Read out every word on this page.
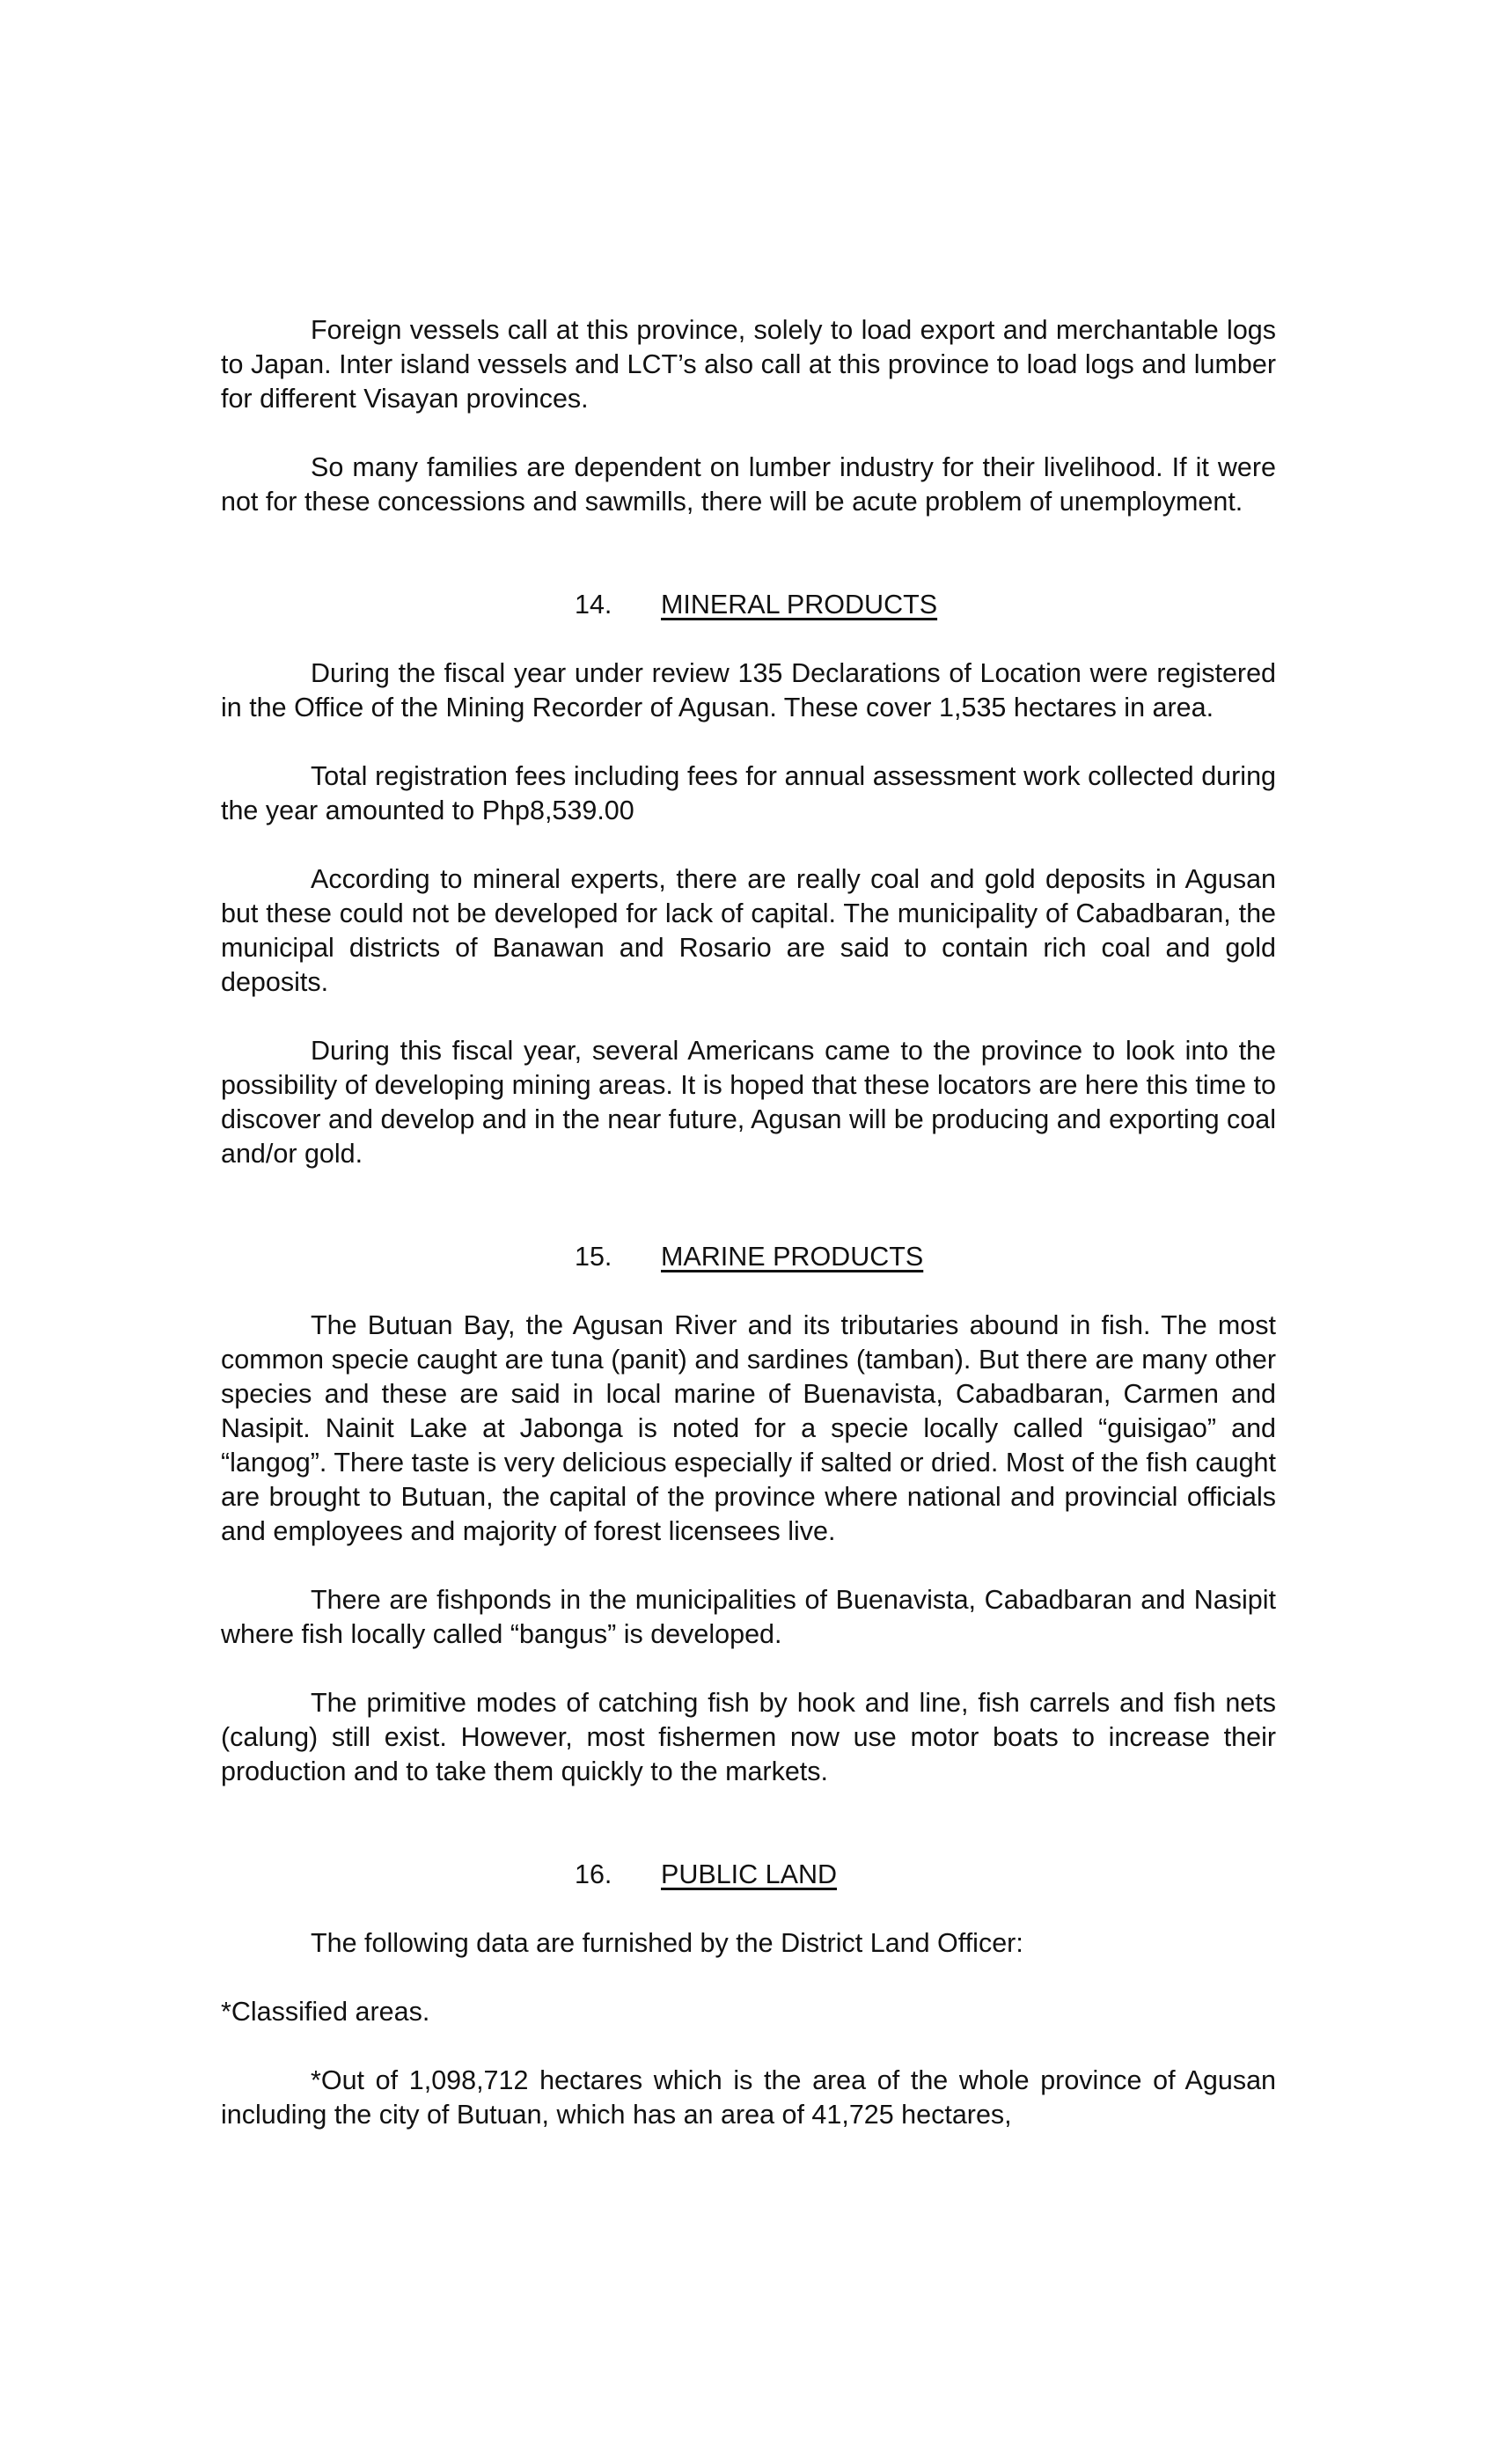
Foreign vessels call at this province, solely to load export and merchantable logs to Japan. Inter island vessels and LCT’s also call at this province to load logs and lumber for different Visayan provinces.

So many families are dependent on lumber industry for their livelihood. If it were not for these concessions and sawmills, there will be acute problem of unemployment.

14. MINERAL PRODUCTS

During the fiscal year under review 135 Declarations of Location were registered in the Office of the Mining Recorder of Agusan. These cover 1,535 hectares in area.

Total registration fees including fees for annual assessment work collected during the year amounted to Php8,539.00

According to mineral experts, there are really coal and gold deposits in Agusan but these could not be developed for lack of capital. The municipality of Cabadbaran, the municipal districts of Banawan and Rosario are said to contain rich coal and gold deposits.

During this fiscal year, several Americans came to the province to look into the possibility of developing mining areas. It is hoped that these locators are here this time to discover and develop and in the near future, Agusan will be producing and exporting coal and/or gold.

15. MARINE PRODUCTS

The Butuan Bay, the Agusan River and its tributaries abound in fish. The most common specie caught are tuna (panit) and sardines (tamban). But there are many other species and these are said in local marine of Buenavista, Cabadbaran, Carmen and Nasipit. Nainit Lake at Jabonga is noted for a specie locally called “guisigao” and “langog”. There taste is very delicious especially if salted or dried. Most of the fish caught are brought to Butuan, the capital of the province where national and provincial officials and employees and majority of forest licensees live.

There are fishponds in the municipalities of Buenavista, Cabadbaran and Nasipit where fish locally called “bangus” is developed.

The primitive modes of catching fish by hook and line, fish carrels and fish nets (calung) still exist. However, most fishermen now use motor boats to increase their production and to take them quickly to the markets.

16. PUBLIC LAND

The following data are furnished by the District Land Officer:

*Classified areas.

*Out of 1,098,712 hectares which is the area of the whole province of Agusan including the city of Butuan, which has an area of 41,725 hectares,
